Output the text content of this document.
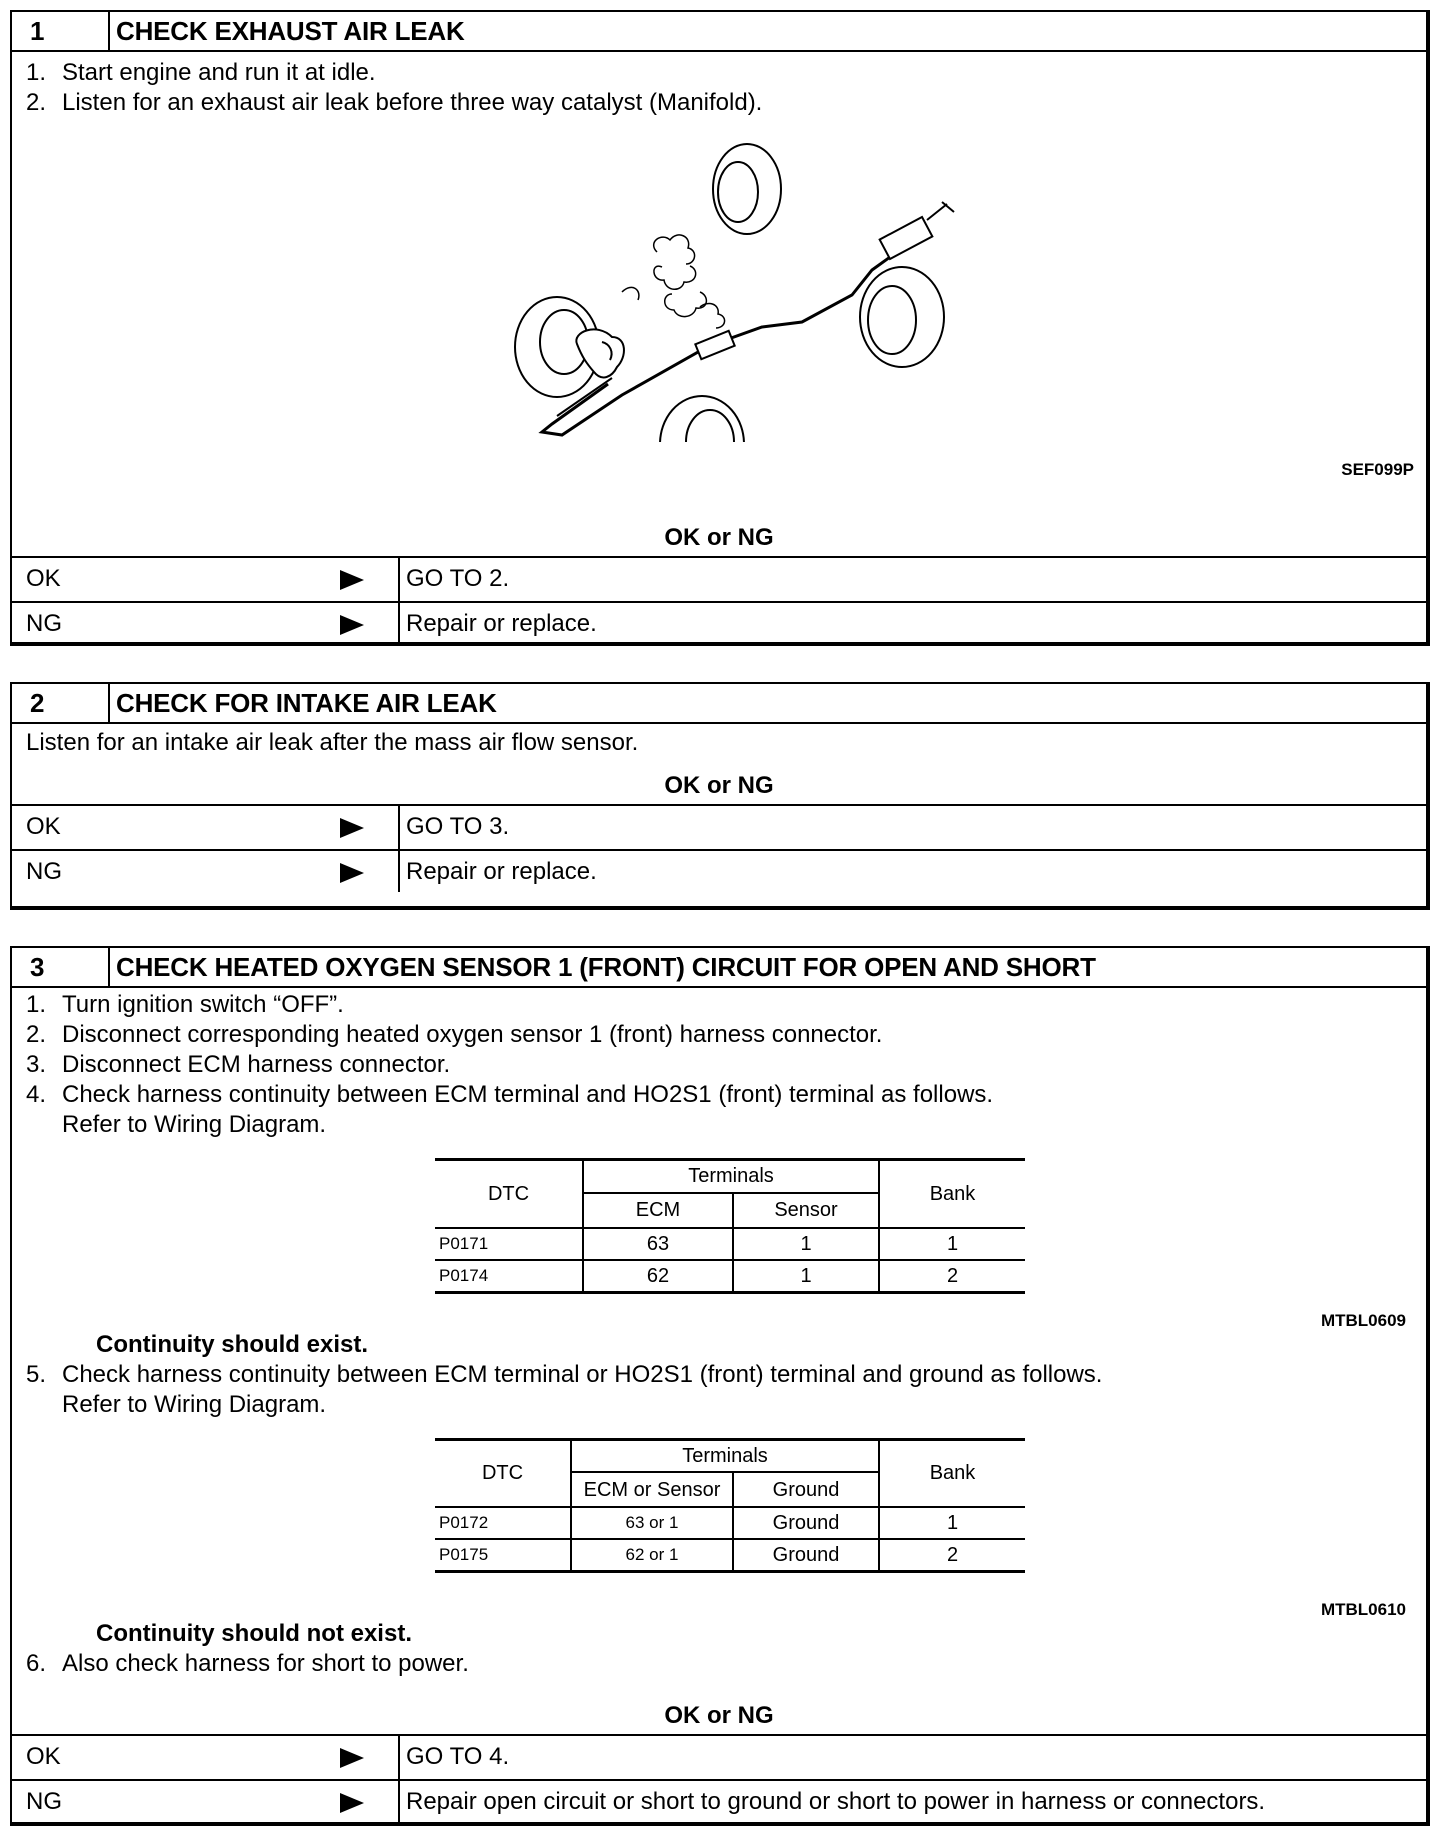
1	CHECK EXHAUST AIR LEAK
1. Start engine and run it at idle.
2. Listen for an exhaust air leak before three way catalyst (Manifold).
SEF099P
OK or NG
OK	GO TO 2.
NG	Repair or replace.
2	CHECK FOR INTAKE AIR LEAK
Listen for an intake air leak after the mass air flow sensor.
OK or NG
OK	GO TO 3.
NG	Repair or replace.
3	CHECK HEATED OXYGEN SENSOR 1 (FRONT) CIRCUIT FOR OPEN AND SHORT
1. Turn ignition switch “OFF”.
2. Disconnect corresponding heated oxygen sensor 1 (front) harness connector.
3. Disconnect ECM harness connector.
4. Check harness continuity between ECM terminal and HO2S1 (front) terminal as follows.
Refer to Wiring Diagram.
DTC	Terminals		Bank
	ECM	Sensor	
P0171	63	1	1
P0174	62	1	2
MTBL0609
Continuity should exist.
5. Check harness continuity between ECM terminal or HO2S1 (front) terminal and ground as follows.
Refer to Wiring Diagram.
DTC	Terminals		Bank
	ECM or Sensor	Ground	
P0172	63 or 1	Ground	1
P0175	62 or 1	Ground	2
MTBL0610
Continuity should not exist.
6. Also check harness for short to power.
OK or NG
OK	GO TO 4.
NG	Repair open circuit or short to ground or short to power in harness or connectors.
